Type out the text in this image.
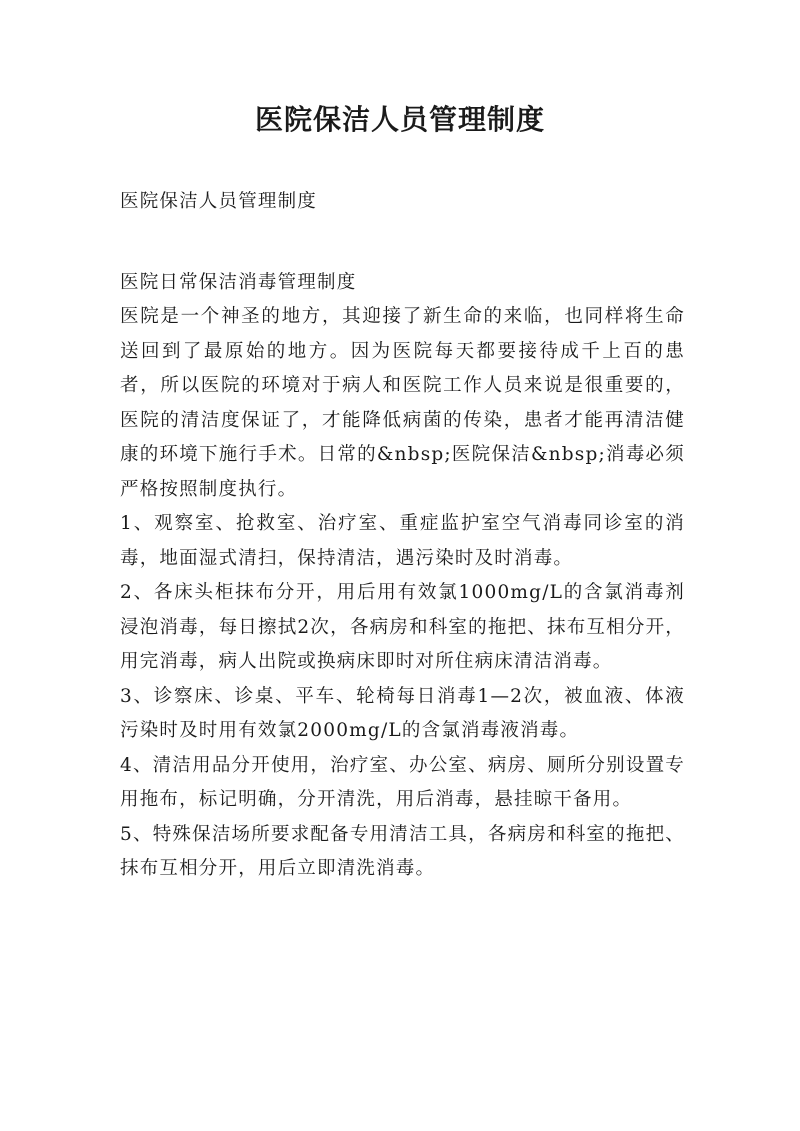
医院保洁人员管理制度

医院保洁人员管理制度

医院日常保洁消毒管理制度

医院是一个神圣的地方，其迎接了新生命的来临，也同样将生命送回到了最原始的地方。因为医院每天都要接待成千上百的患者，所以医院的环境对于病人和医院工作人员来说是很重要的，医院的清洁度保证了，才能降低病菌的传染，患者才能再清洁健康的环境下施行手术。日常的&nbsp;医院保洁&nbsp;消毒必须严格按照制度执行。

1、观察室、抢救室、治疗室、重症监护室空气消毒同诊室的消毒，地面湿式清扫，保持清洁，遇污染时及时消毒。

2、各床头柜抹布分开，用后用有效氯1000mg/L的含氯消毒剂浸泡消毒，每日擦拭2次，各病房和科室的拖把、抹布互相分开，用完消毒，病人出院或换病床即时对所住病床清洁消毒。

3、诊察床、诊桌、平车、轮椅每日消毒1—2次，被血液、体液污染时及时用有效氯2000mg/L的含氯消毒液消毒。

4、清洁用品分开使用，治疗室、办公室、病房、厕所分别设置专用拖布，标记明确，分开清洗，用后消毒，悬挂晾干备用。

5、特殊保洁场所要求配备专用清洁工具，各病房和科室的拖把、抹布互相分开，用后立即清洗消毒。
